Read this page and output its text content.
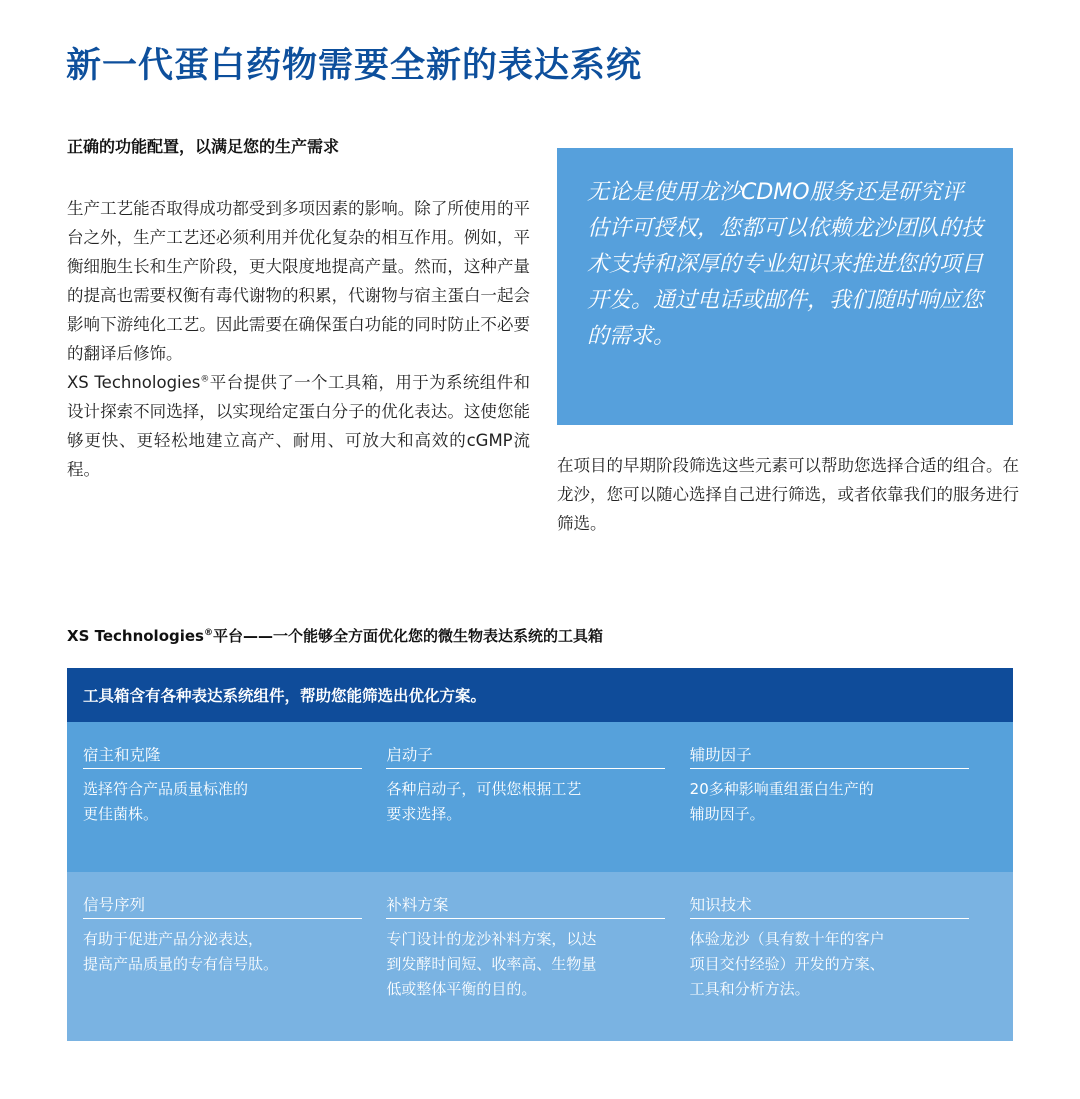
新一代蛋白药物需要全新的表达系统
正确的功能配置，以满足您的生产需求

生产工艺能否取得成功都受到多项因素的影响。除了所使用的平台之外，生产工艺还必须利用并优化复杂的相互作用。例如，平衡细胞生长和生产阶段，更大限度地提高产量。然而，这种产量的提高也需要权衡有毒代谢物的积累，代谢物与宿主蛋白一起会影响下游纯化工艺。因此需要在确保蛋白功能的同时防止不必要的翻译后修饰。

XS Technologies®平台提供了一个工具箱，用于为系统组件和设计探索不同选择，以实现给定蛋白分子的优化表达。这使您能够更快、更轻松地建立高产、耐用、可放大和高效的cGMP流程。

无论是使用龙沙CDMO服务还是研究评估许可授权，您都可以依赖龙沙团队的技术支持和深厚的专业知识来推进您的项目开发。通过电话或邮件，我们随时响应您的需求。

在项目的早期阶段筛选这些元素可以帮助您选择合适的组合。在龙沙，您可以随心选择自己进行筛选，或者依靠我们的服务进行筛选。

XS Technologies®平台——一个能够全方面优化您的微生物表达系统的工具箱
工具箱含有各种表达系统组件，帮助您能筛选出优化方案。
宿主和克隆
选择符合产品质量标准的
更佳菌株。
启动子
各种启动子，可供您根据工艺
要求选择。
辅助因子
20多种影响重组蛋白生产的
辅助因子。
信号序列
有助于促进产品分泌表达，
提高产品质量的专有信号肽。
补料方案
专门设计的龙沙补料方案，以达
到发酵时间短、收率高、生物量
低或整体平衡的目的。
知识技术
体验龙沙（具有数十年的客户
项目交付经验）开发的方案、
工具和分析方法。
